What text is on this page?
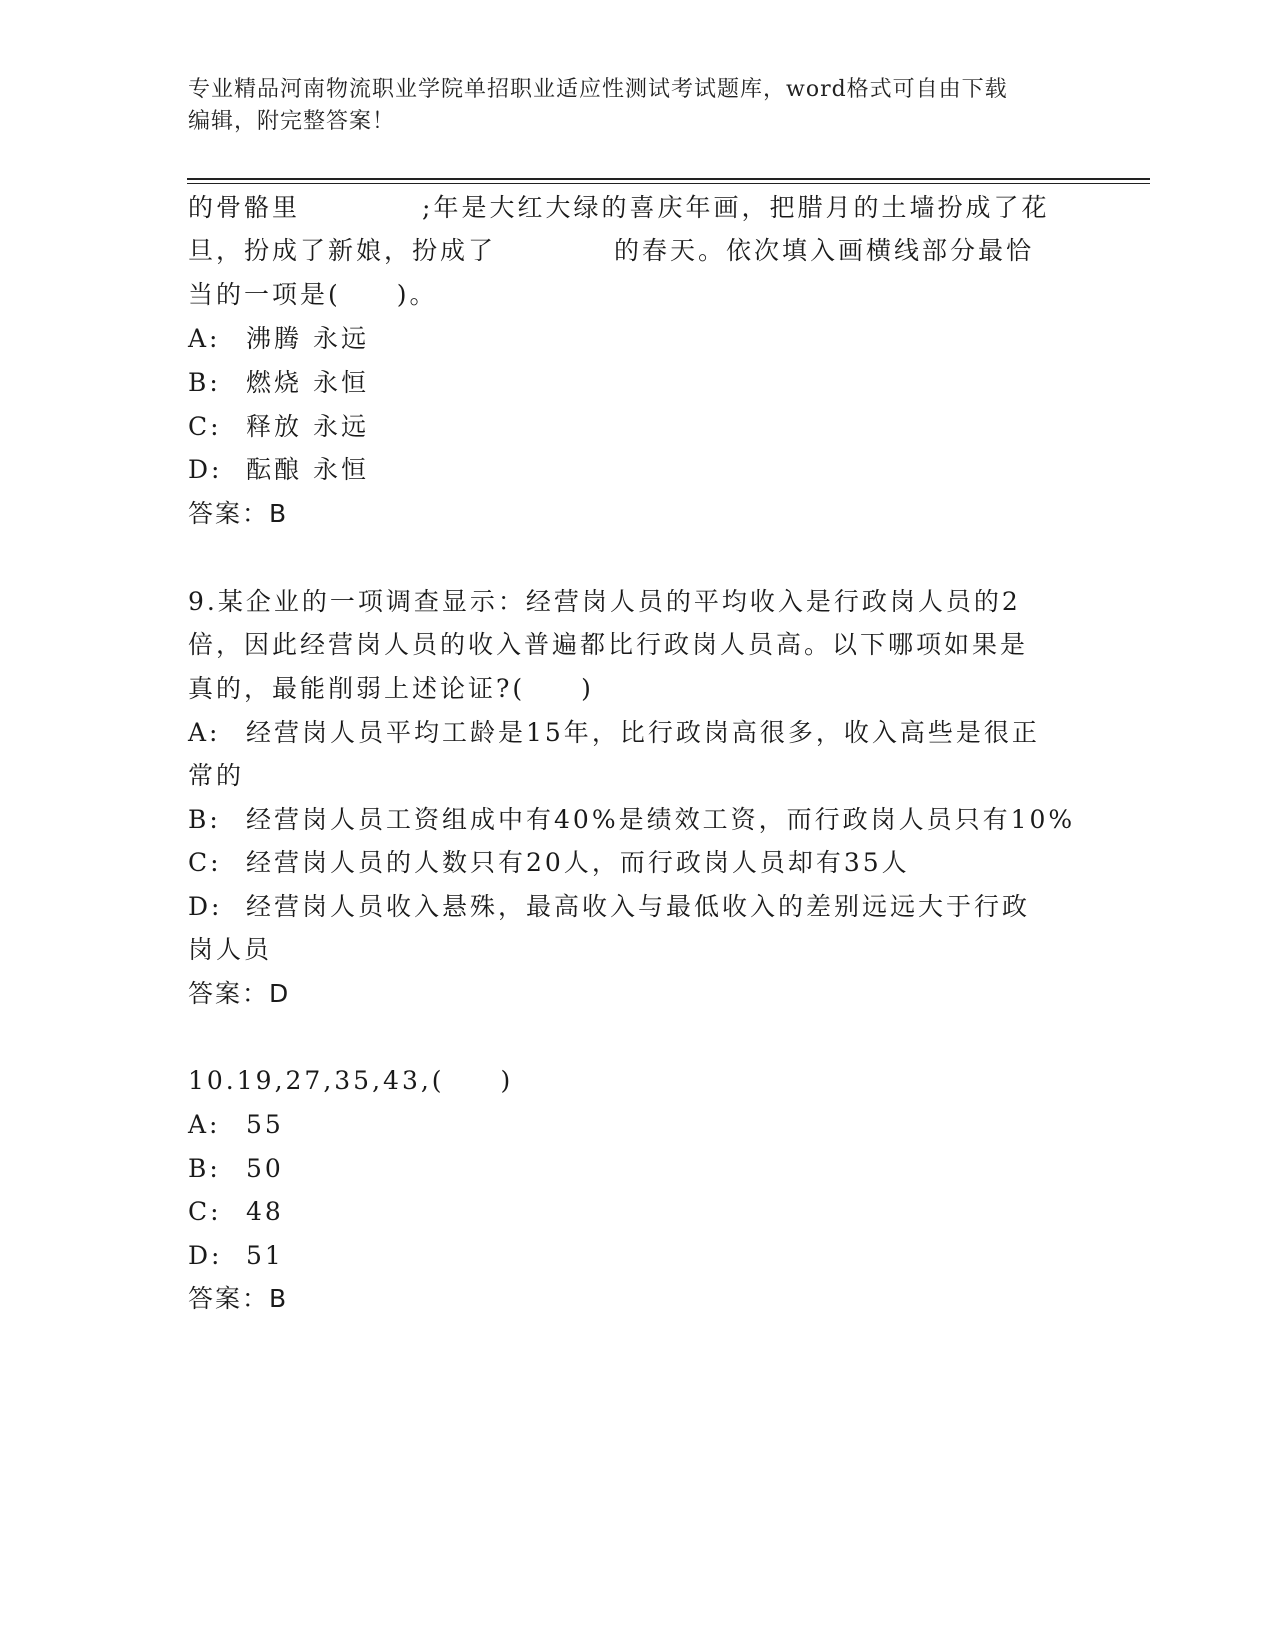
专业精品河南物流职业学院单招职业适应性测试考试题库，word格式可自由下载
编辑，附完整答案！
的骨骼里	;年是大红大绿的喜庆年画，把腊月的土墙扮成了花
旦，扮成了新娘，扮成了	的春天。依次填入画横线部分最恰
当的一项是(　　)。
A: 沸腾 永远
B: 燃烧 永恒
C: 释放 永远
D: 酝酿 永恒
答案：B
9.某企业的一项调查显示：经营岗人员的平均收入是行政岗人员的2
倍，因此经营岗人员的收入普遍都比行政岗人员高。以下哪项如果是
真的，最能削弱上述论证?(　　)
A: 经营岗人员平均工龄是15年，比行政岗高很多，收入高些是很正
常的
B: 经营岗人员工资组成中有40%是绩效工资，而行政岗人员只有10%
C: 经营岗人员的人数只有20人，而行政岗人员却有35人
D: 经营岗人员收入悬殊，最高收入与最低收入的差别远远大于行政
岗人员
答案：D
10.19,27,35,43,(　　)
A: 55
B: 50
C: 48
D: 51
答案：B
